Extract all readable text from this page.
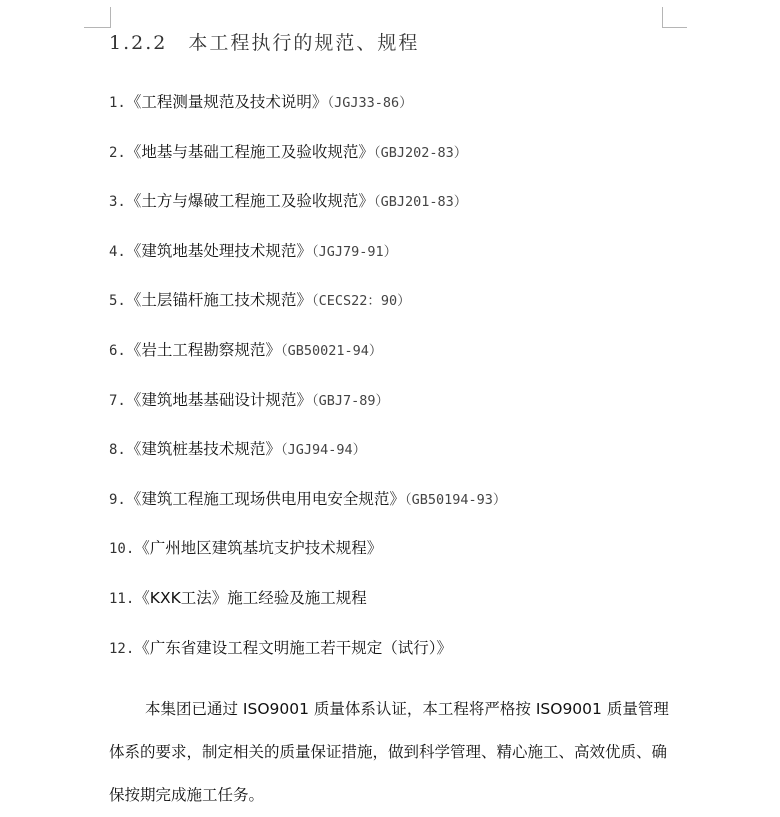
1.2.2　本工程执行的规范、规程
1.《工程测量规范及技术说明》（JGJ33-86）
2.《地基与基础工程施工及验收规范》（GBJ202-83）
3.《土方与爆破工程施工及验收规范》（GBJ201-83）
4.《建筑地基处理技术规范》（JGJ79-91）
5.《土层锚杆施工技术规范》（CECS22：90）
6.《岩土工程勘察规范》（GB50021-94）
7.《建筑地基基础设计规范》（GBJ7-89）
8.《建筑桩基技术规范》（JGJ94-94）
9.《建筑工程施工现场供电用电安全规范》（GB50194-93）
10.《广州地区建筑基坑支护技术规程》
11.《KXK工法》施工经验及施工规程
12.《广东省建设工程文明施工若干规定（试行）》

本集团已通过 ISO9001 质量体系认证，本工程将严格按 ISO9001 质量管理体系的要求，制定相关的质量保证措施，做到科学管理、精心施工、高效优质、确保按期完成施工任务。
